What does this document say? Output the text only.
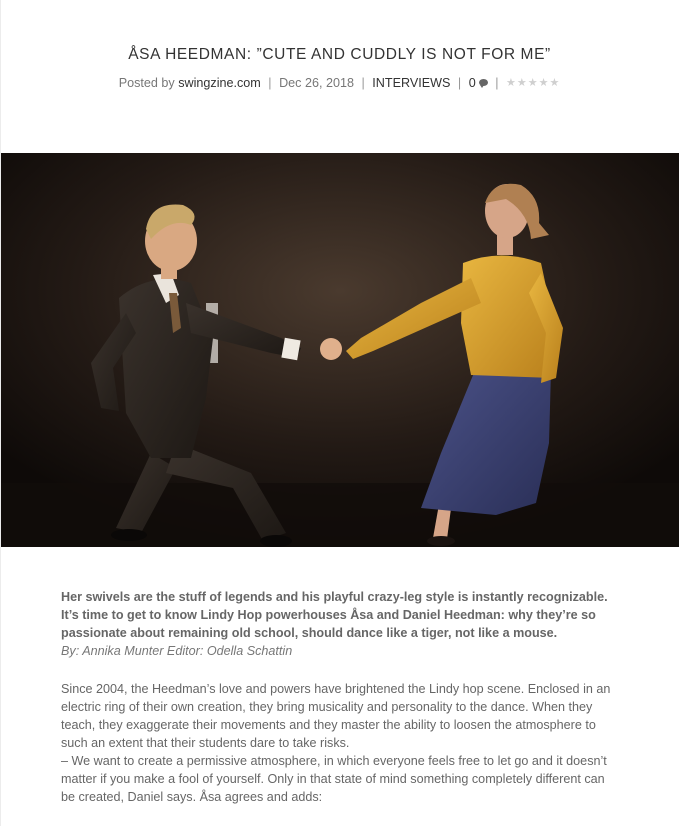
ÅSA HEEDMAN: ”CUTE AND CUDDLY IS NOT FOR ME”
Posted by swingzine.com | Dec 26, 2018 | INTERVIEWS | 0 | ★★★★★

Her swivels are the stuff of legends and his playful crazy-leg style is instantly recognizable. It’s time to get to know Lindy Hop powerhouses Åsa and Daniel Heedman: why they’re so passionate about remaining old school, should dance like a tiger, not like a mouse.

By: Annika Munter Editor: Odella Schattin

Since 2004, the Heedman’s love and powers have brightened the Lindy hop scene. Enclosed in an electric ring of their own creation, they bring musicality and personality to the dance. When they teach, they exaggerate their movements and they master the ability to loosen the atmosphere to such an extent that their students dare to take risks.

– We want to create a permissive atmosphere, in which everyone feels free to let go and it doesn’t matter if you make a fool of yourself. Only in that state of mind something completely different can be created, Daniel says. Åsa agrees and adds:
